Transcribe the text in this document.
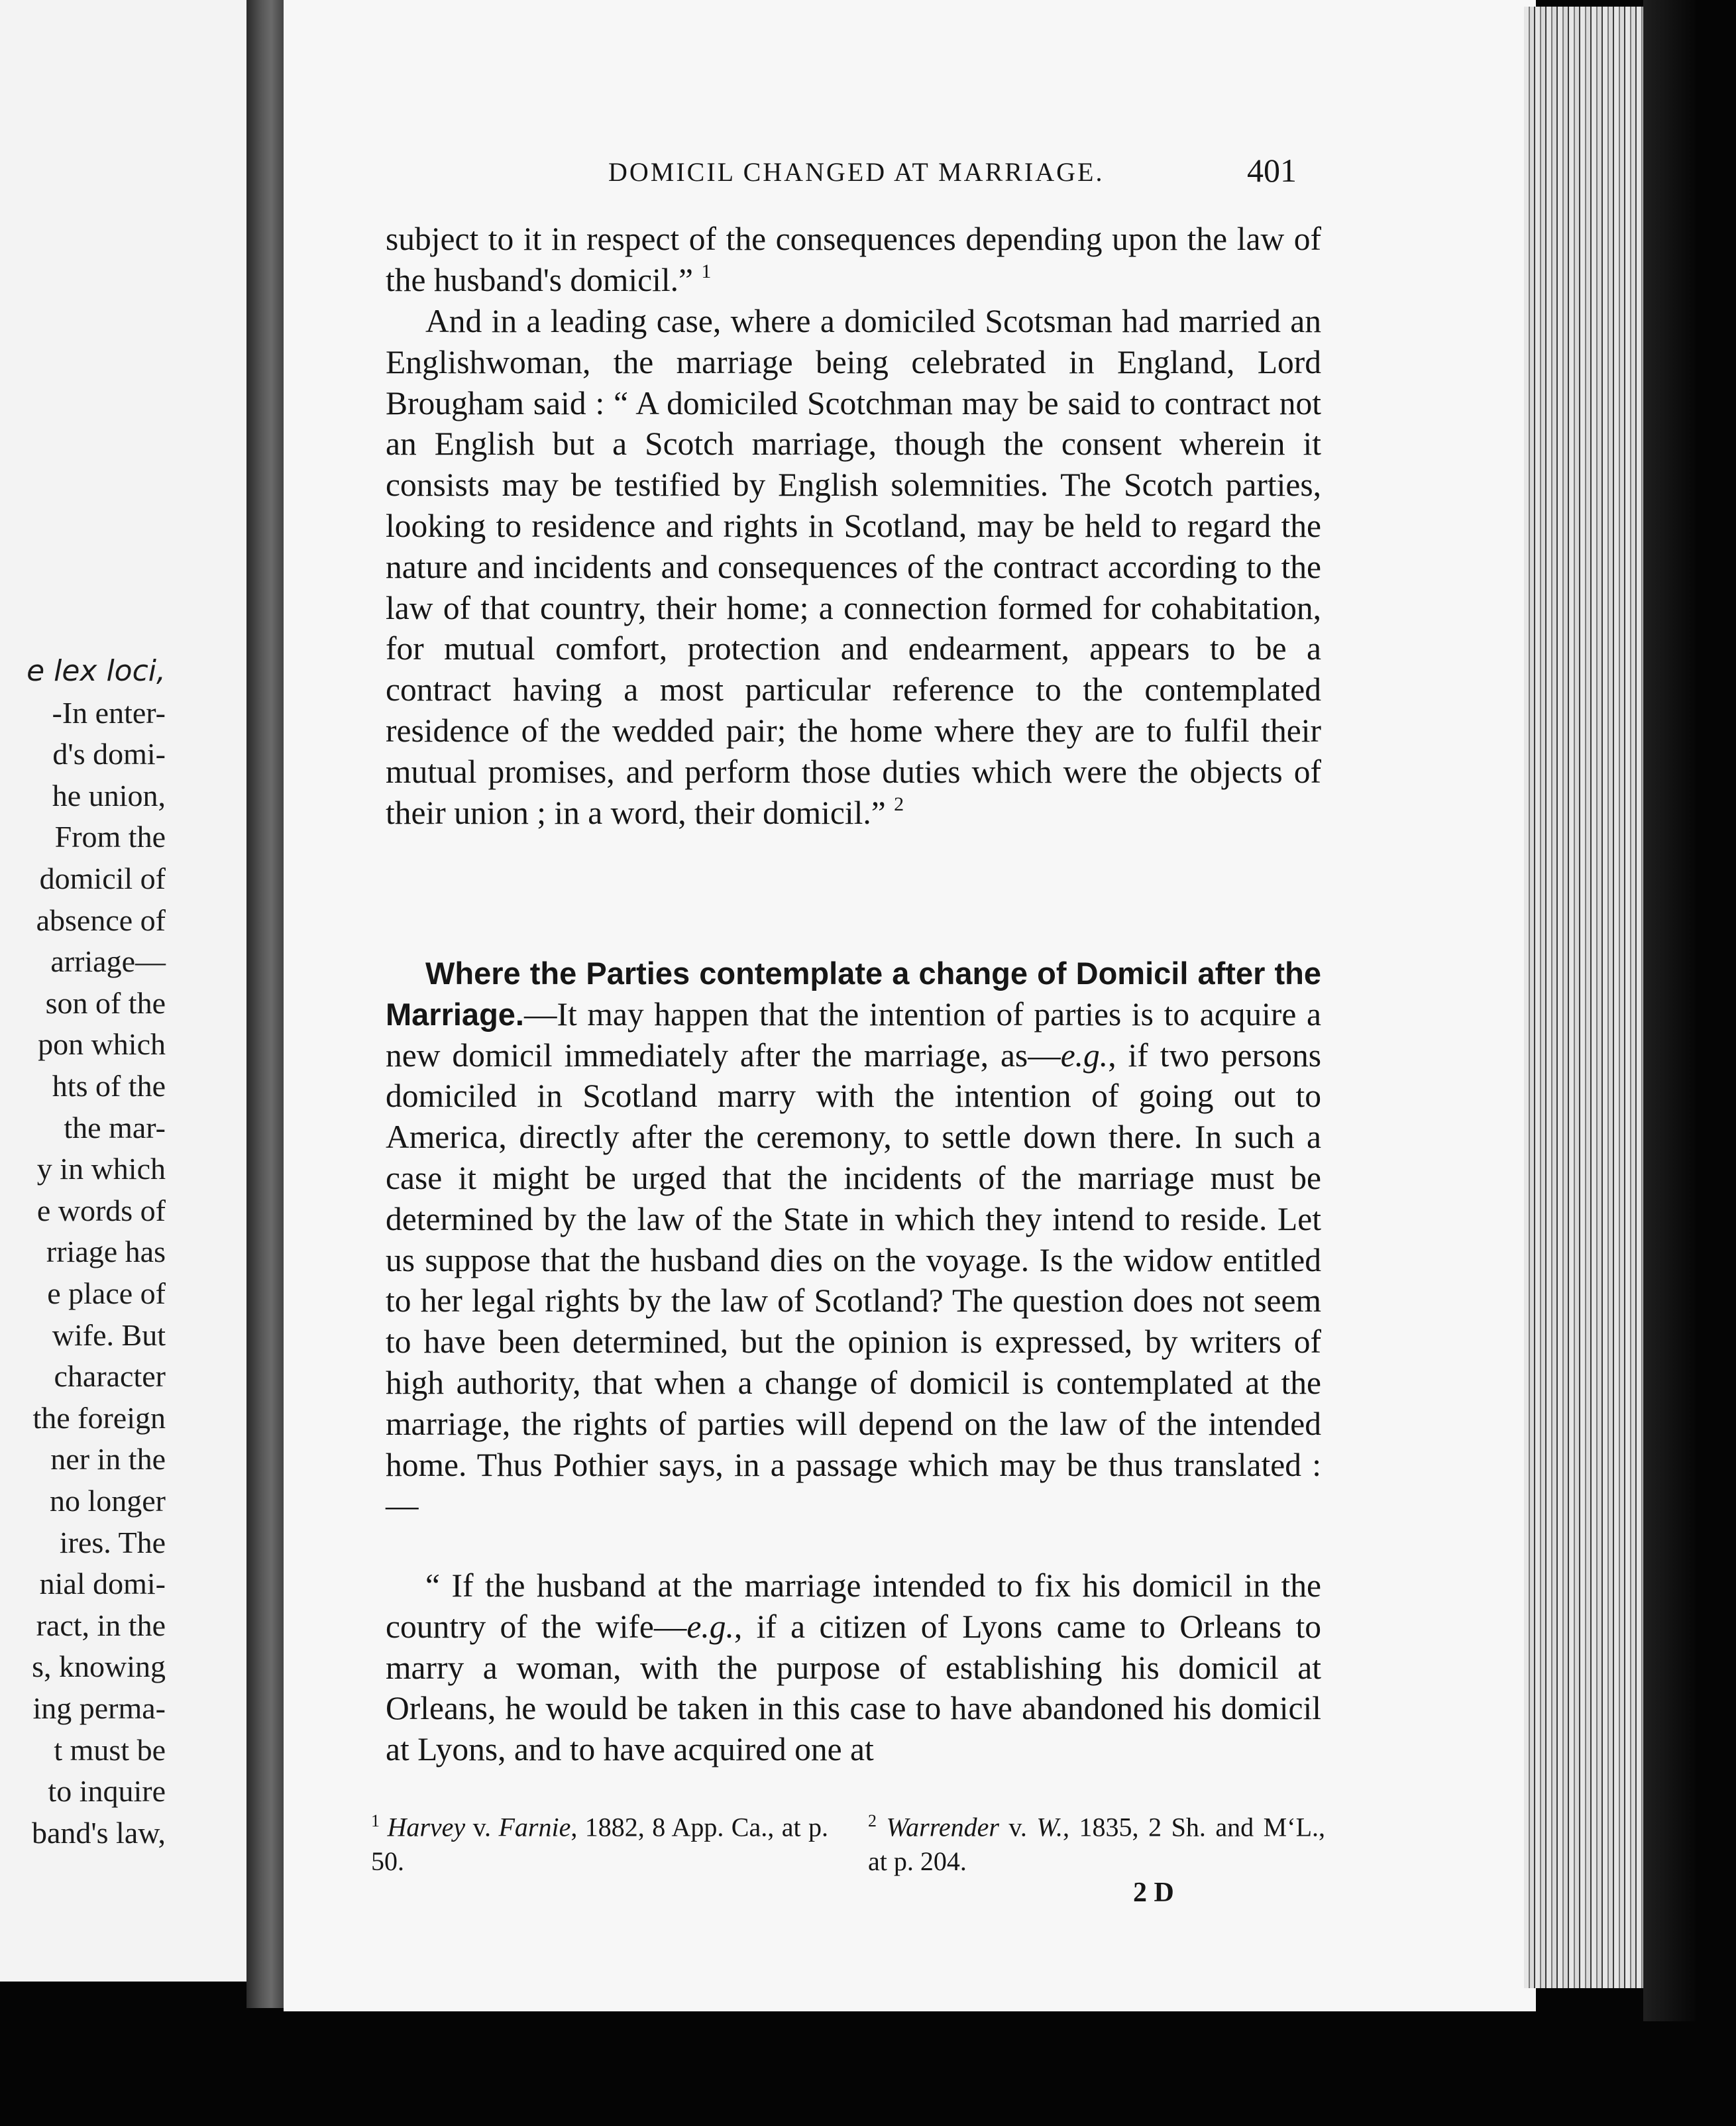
e lex loci,
-In enter-
d's domi-
he union,
From the
domicil of
absence of
arriage—
son of the
pon which
hts of the
the mar-
y in which
e words of
rriage has
e place of
wife. But
character
the foreign
ner in the
no longer
ires. The
nial domi-
ract, in the
s, knowing
ing perma-
t must be
to inquire
band's law,
DOMICIL CHANGED AT MARRIAGE.	401
subject to it in respect of the consequences depending upon the law of the husband's domicil.” $^1$
And in a leading case, where a domiciled Scotsman had married an Englishwoman, the marriage being celebrated in England, Lord Brougham said : “ A domiciled Scotchman may be said to contract not an English but a Scotch marriage, though the consent wherein it consists may be testified by English solemnities. The Scotch parties, looking to residence and rights in Scotland, may be held to regard the nature and incidents and consequences of the contract according to the law of that country, their home; a connection formed for cohabitation, for mutual comfort, protection and endearment, appears to be a contract having a most particular reference to the contemplated residence of the wedded pair; the home where they are to fulfil their mutual promises, and perform those duties which were the objects of their union ; in a word, their domicil.” $^2$
Where the Parties contemplate a change of Domicil after the Marriage.—It may happen that the intention of parties is to acquire a new domicil immediately after the marriage, as—e.g., if two persons domiciled in Scotland marry with the intention of going out to America, directly after the ceremony, to settle down there. In such a case it might be urged that the incidents of the marriage must be determined by the law of the State in which they intend to reside. Let us suppose that the husband dies on the voyage. Is the widow entitled to her legal rights by the law of Scotland? The question does not seem to have been determined, but the opinion is expressed, by writers of high authority, that when a change of domicil is contemplated at the marriage, the rights of parties will depend on the law of the intended home. Thus Pothier says, in a passage which may be thus translated :—
“ If the husband at the marriage intended to fix his domicil in the country of the wife—e.g., if a citizen of Lyons came to Orleans to marry a woman, with the purpose of establishing his domicil at Orleans, he would be taken in this case to have abandoned his domicil at Lyons, and to have acquired one at
$^1$ Harvey v. Farnie, 1882, 8 App. Ca., at p. 50.
$^2$ Warrender v. W., 1835, 2 Sh. and M‘L., at p. 204.
2 D
